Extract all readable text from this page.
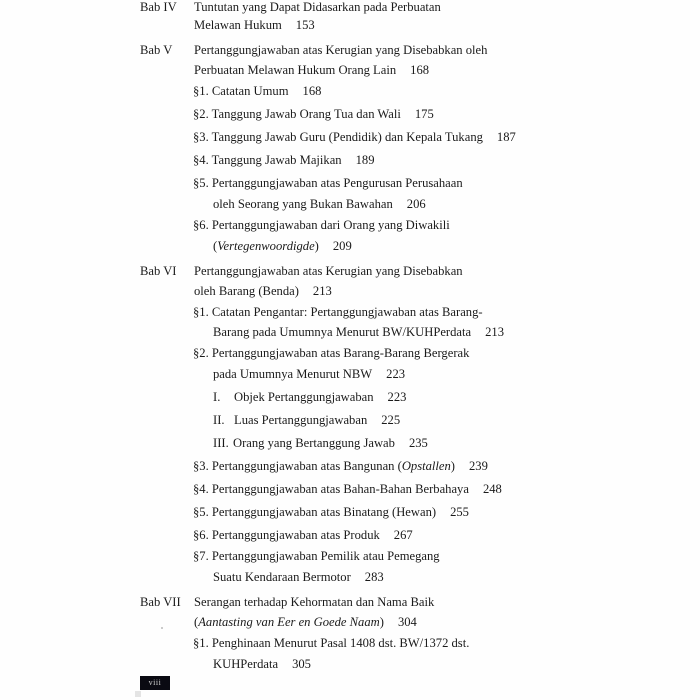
Bab IV Tuntutan yang Dapat Didasarkan pada Perbuatan
Melawan Hukum 153
Bab V Pertanggungjawaban atas Kerugian yang Disebabkan oleh
Perbuatan Melawan Hukum Orang Lain 168
§1. Catatan Umum 168
§2. Tanggung Jawab Orang Tua dan Wali 175
§3. Tanggung Jawab Guru (Pendidik) dan Kepala Tukang 187
§4. Tanggung Jawab Majikan 189
§5. Pertanggungjawaban atas Pengurusan Perusahaan
oleh Seorang yang Bukan Bawahan 206
§6. Pertanggungjawaban dari Orang yang Diwakili
(Vertegenwoordigde) 209
Bab VI Pertanggungjawaban atas Kerugian yang Disebabkan
oleh Barang (Benda) 213
§1. Catatan Pengantar: Pertanggungjawaban atas Barang-
Barang pada Umumnya Menurut BW/KUHPerdata 213
§2. Pertanggungjawaban atas Barang-Barang Bergerak
pada Umumnya Menurut NBW 223
I. Objek Pertanggungjawaban 223
II. Luas Pertanggungjawaban 225
III. Orang yang Bertanggung Jawab 235
§3. Pertanggungjawaban atas Bangunan (Opstallen) 239
§4. Pertanggungjawaban atas Bahan-Bahan Berbahaya 248
§5. Pertanggungjawaban atas Binatang (Hewan) 255
§6. Pertanggungjawaban atas Produk 267
§7. Pertanggungjawaban Pemilik atau Pemegang
Suatu Kendaraan Bermotor 283
Bab VII Serangan terhadap Kehormatan dan Nama Baik
(Aantasting van Eer en Goede Naam) 304
§1. Penghinaan Menurut Pasal 1408 dst. BW/1372 dst.
KUHPerdata 305
viii
